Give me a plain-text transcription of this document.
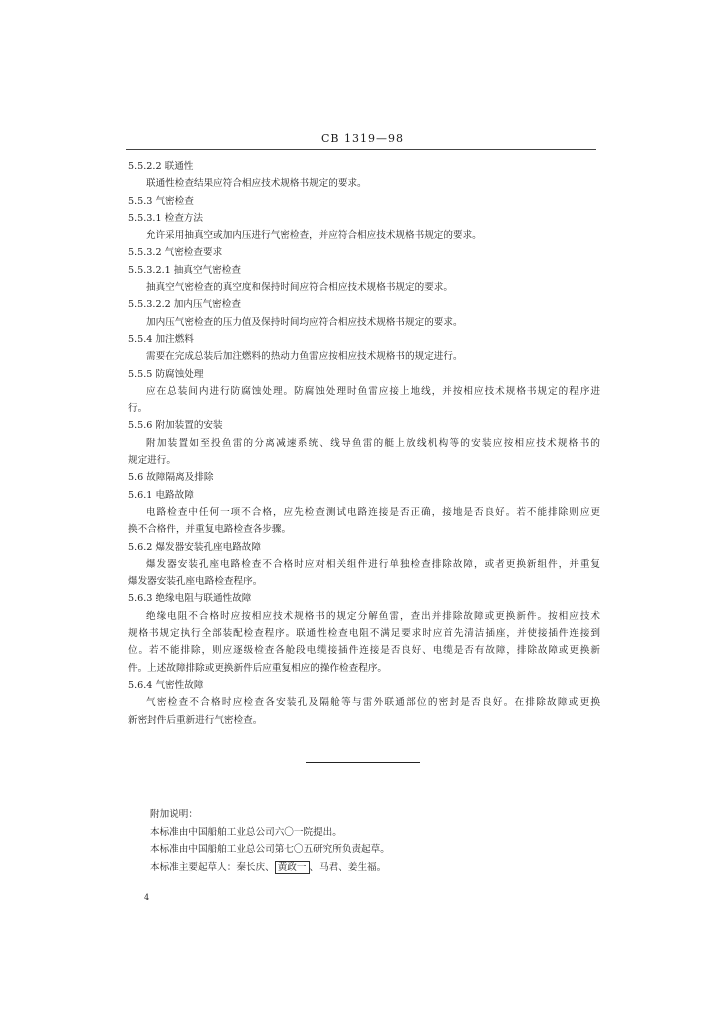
CB 1319—98
5.5.2.2 联通性
联通性检查结果应符合相应技术规格书规定的要求。
5.5.3 气密检查
5.5.3.1 检查方法
允许采用抽真空或加内压进行气密检查，并应符合相应技术规格书规定的要求。
5.5.3.2 气密检查要求
5.5.3.2.1 抽真空气密检查
抽真空气密检查的真空度和保持时间应符合相应技术规格书规定的要求。
5.5.3.2.2 加内压气密检查
加内压气密检查的压力值及保持时间均应符合相应技术规格书规定的要求。
5.5.4 加注燃料
需要在完成总装后加注燃料的热动力鱼雷应按相应技术规格书的规定进行。
5.5.5 防腐蚀处理
应在总装间内进行防腐蚀处理。防腐蚀处理时鱼雷应接上地线，并按相应技术规格书规定的程序进
行。
5.5.6 附加装置的安装
附加装置如至投鱼雷的分离减速系统、线导鱼雷的艇上放线机构等的安装应按相应技术规格书的
规定进行。
5.6 故障隔离及排除
5.6.1 电路故障
电路检查中任何一项不合格，应先检查测试电路连接是否正确，接地是否良好。若不能排除则应更
换不合格件，并重复电路检查各步骤。
5.6.2 爆发器安装孔座电路故障
爆发器安装孔座电路检查不合格时应对相关组件进行单独检查排除故障，或者更换新组件，并重复
爆发器安装孔座电路检查程序。
5.6.3 绝缘电阻与联通性故障
绝缘电阻不合格时应按相应技术规格书的规定分解鱼雷，查出并排除故障或更换新件。按相应技术
规格书规定执行全部装配检查程序。联通性检查电阻不满足要求时应首先清洁插座，并使接插件连接到
位。若不能排除，则应逐级检查各舱段电缆接插件连接是否良好、电缆是否有故障，排除故障或更换新
件。上述故障排除或更换新件后应重复相应的操作检查程序。
5.6.4 气密性故障
气密检查不合格时应检查各安装孔及隔舱等与雷外联通部位的密封是否良好。在排除故障或更换
新密封件后重新进行气密检查。
附加说明：
本标准由中国船舶工业总公司六〇一院提出。
本标准由中国船舶工业总公司第七〇五研究所负责起草。
本标准主要起草人：秦长庆、 黄政一 、马君、姜生福。
4
